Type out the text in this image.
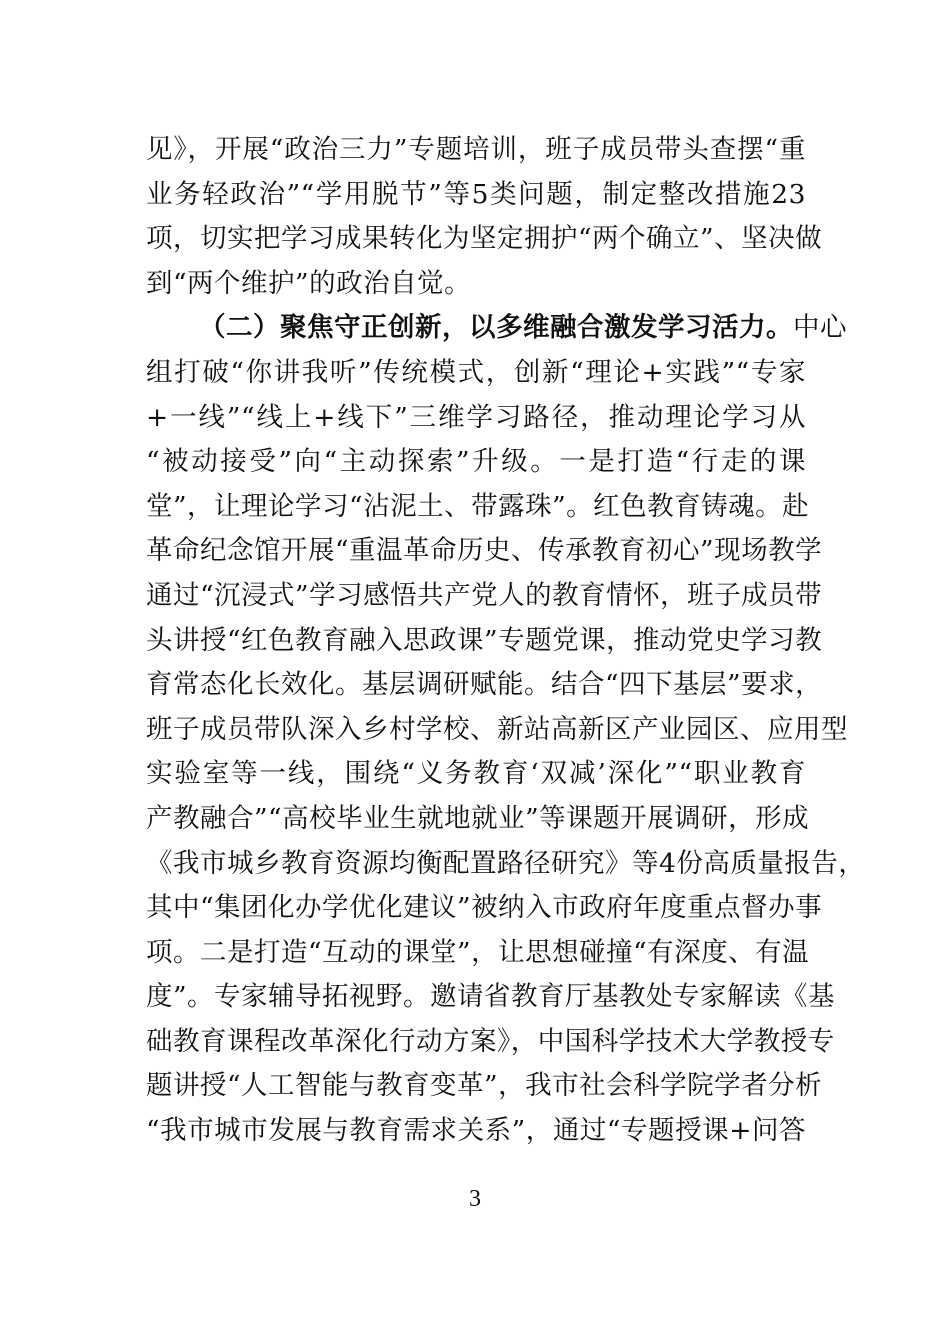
见》，开展“政治三力”专题培训，班子成员带头查摆“重
业务轻政治”“学用脱节”等5类问题，制定整改措施23
项，切实把学习成果转化为坚定拥护“两个确立”、坚决做
到“两个维护”的政治自觉。
（二）聚焦守正创新，以多维融合激发学习活力。中心
组打破“你讲我听”传统模式，创新“理论+实践”“专家
+一线”“线上+线下”三维学习路径，推动理论学习从
“被动接受”向“主动探索”升级。一是打造“行走的课
堂”，让理论学习“沾泥土、带露珠”。红色教育铸魂。赴
革命纪念馆开展“重温革命历史、传承教育初心”现场教学
通过“沉浸式”学习感悟共产党人的教育情怀，班子成员带
头讲授“红色教育融入思政课”专题党课，推动党史学习教
育常态化长效化。基层调研赋能。结合“四下基层”要求，
班子成员带队深入乡村学校、新站高新区产业园区、应用型
实验室等一线，围绕“义务教育‘双减’深化”“职业教育
产教融合”“高校毕业生就地就业”等课题开展调研，形成
《我市城乡教育资源均衡配置路径研究》等4份高质量报告，
其中“集团化办学优化建议”被纳入市政府年度重点督办事
项。二是打造“互动的课堂”，让思想碰撞“有深度、有温
度”。专家辅导拓视野。邀请省教育厅基教处专家解读《基
础教育课程改革深化行动方案》，中国科学技术大学教授专
题讲授“人工智能与教育变革”，我市社会科学院学者分析
“我市城市发展与教育需求关系”，通过“专题授课+问答
3
